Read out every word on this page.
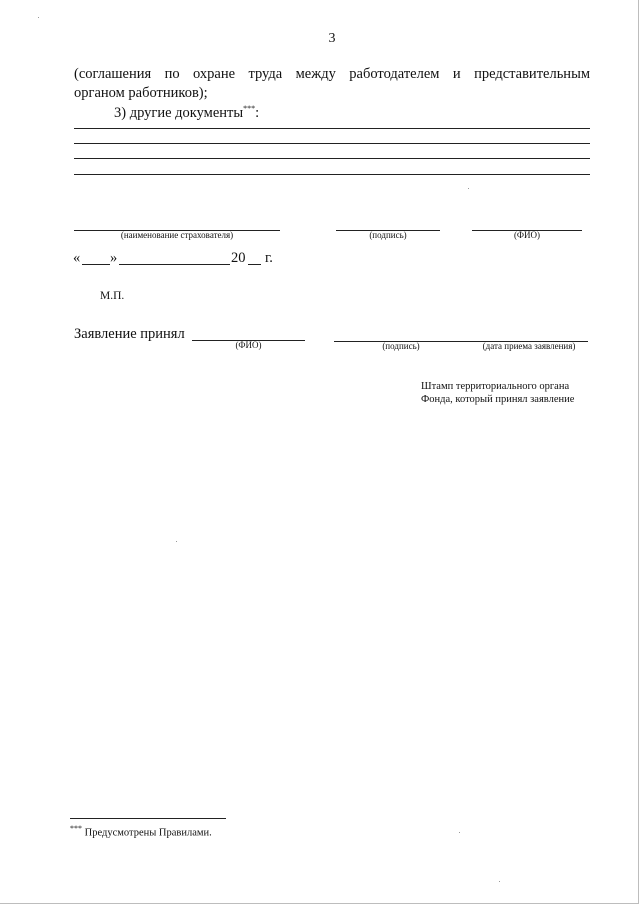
3
(соглашения по охране труда между работодателем и представительным
органом работников);
3) другие документы***:
(наименование страхователя)	(подпись)	(ФИО)
« »	20 г.
М.П.
Заявление принял
(ФИО)	(подпись)	(дата приема заявления)
Штамп территориального органа
Фонда, который принял заявление
*** Предусмотрены Правилами.
